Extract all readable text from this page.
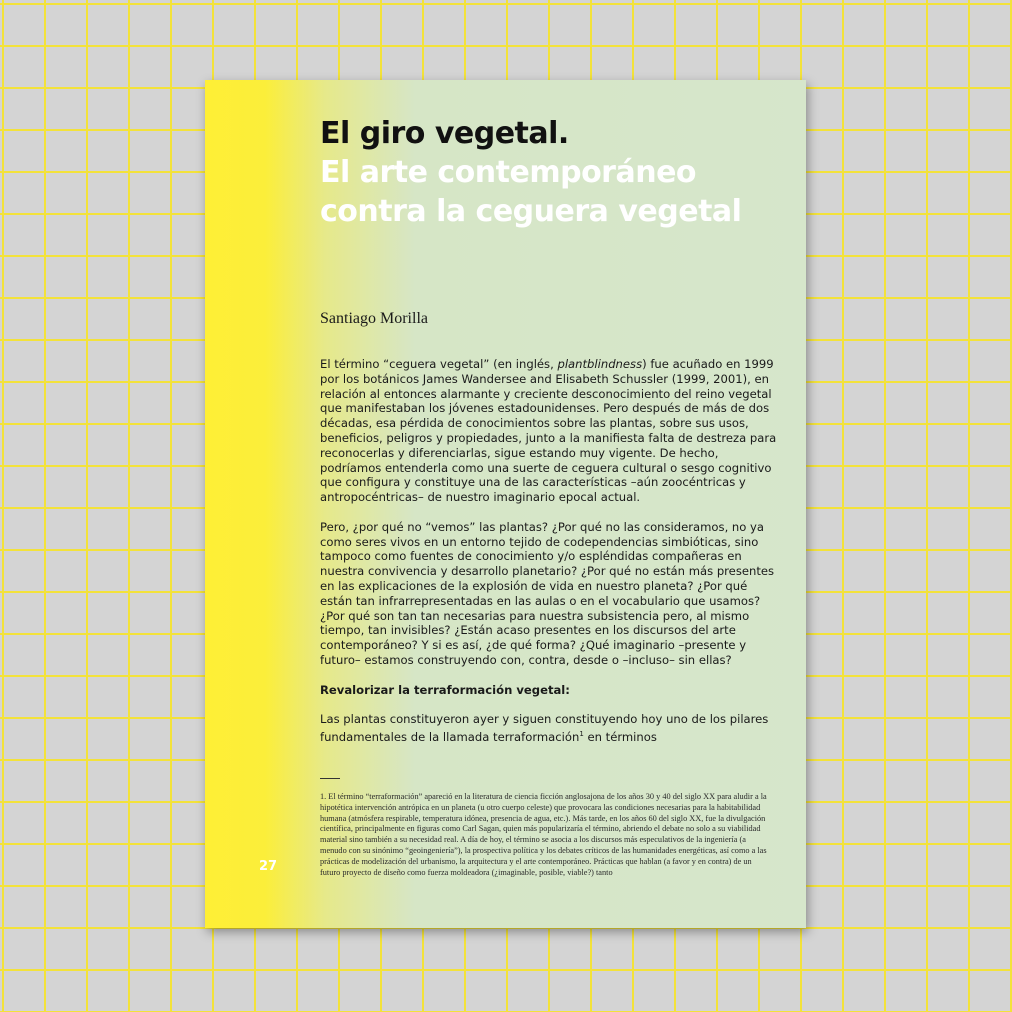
El giro vegetal.
El arte contemporáneo contra la ceguera vegetal
Santiago Morilla

El término “ceguera vegetal” (en inglés, plantblindness) fue acuñado en 1999 por los botánicos James Wandersee and Elisabeth Schussler (1999, 2001), en relación al entonces alarmante y creciente desconocimiento del reino vegetal que manifestaban los jóvenes estadounidenses. Pero después de más de dos décadas, esa pérdida de conocimientos sobre las plantas, sobre sus usos, beneficios, peligros y propiedades, junto a la manifiesta falta de destreza para reconocerlas y diferenciarlas, sigue estando muy vigente. De hecho, podríamos entenderla como una suerte de ceguera cultural o sesgo cognitivo que configura y constituye una de las características –aún zoocéntricas y antropocéntricas– de nuestro imaginario epocal actual.

Pero, ¿por qué no “vemos” las plantas? ¿Por qué no las consideramos, no ya como seres vivos en un entorno tejido de codependencias simbióticas, sino tampoco como fuentes de conocimiento y/o espléndidas compañeras en nuestra convivencia y desarrollo planetario? ¿Por qué no están más presentes en las explicaciones de la explosión de vida en nuestro planeta? ¿Por qué están tan infrarrepresentadas en las aulas o en el vocabulario que usamos? ¿Por qué son tan tan necesarias para nuestra subsistencia pero, al mismo tiempo, tan invisibles? ¿Están acaso presentes en los discursos del arte contemporáneo? Y si es así, ¿de qué forma? ¿Qué imaginario –presente y futuro– estamos construyendo con, contra, desde o –incluso– sin ellas?

Revalorizar la terraformación vegetal:

Las plantas constituyeron ayer y siguen constituyendo hoy uno de los pilares fundamentales de la llamada terraformación$^1$ en términos

1. El término “terraformación” apareció en la literatura de ciencia ficción anglosajona de los años 30 y 40 del siglo XX para aludir a la hipotética intervención antrópica en un planeta (u otro cuerpo celeste) que provocara las condiciones necesarias para la habitabilidad humana (atmósfera respirable, temperatura idónea, presencia de agua, etc.). Más tarde, en los años 60 del siglo XX, fue la divulgación científica, principalmente en figuras como Carl Sagan, quien más popularizaría el término, abriendo el debate no solo a su viabilidad material sino también a su necesidad real. A día de hoy, el término se asocia a los discursos más especulativos de la ingeniería (a menudo con su sinónimo “geoingeniería”), la prospectiva política y los debates críticos de las humanidades energéticas, así como a las prácticas de modelización del urbanismo, la arquitectura y el arte contemporáneo. Prácticas que hablan (a favor y en contra) de un futuro proyecto de diseño como fuerza moldeadora (¿imaginable, posible, viable?) tanto
27
